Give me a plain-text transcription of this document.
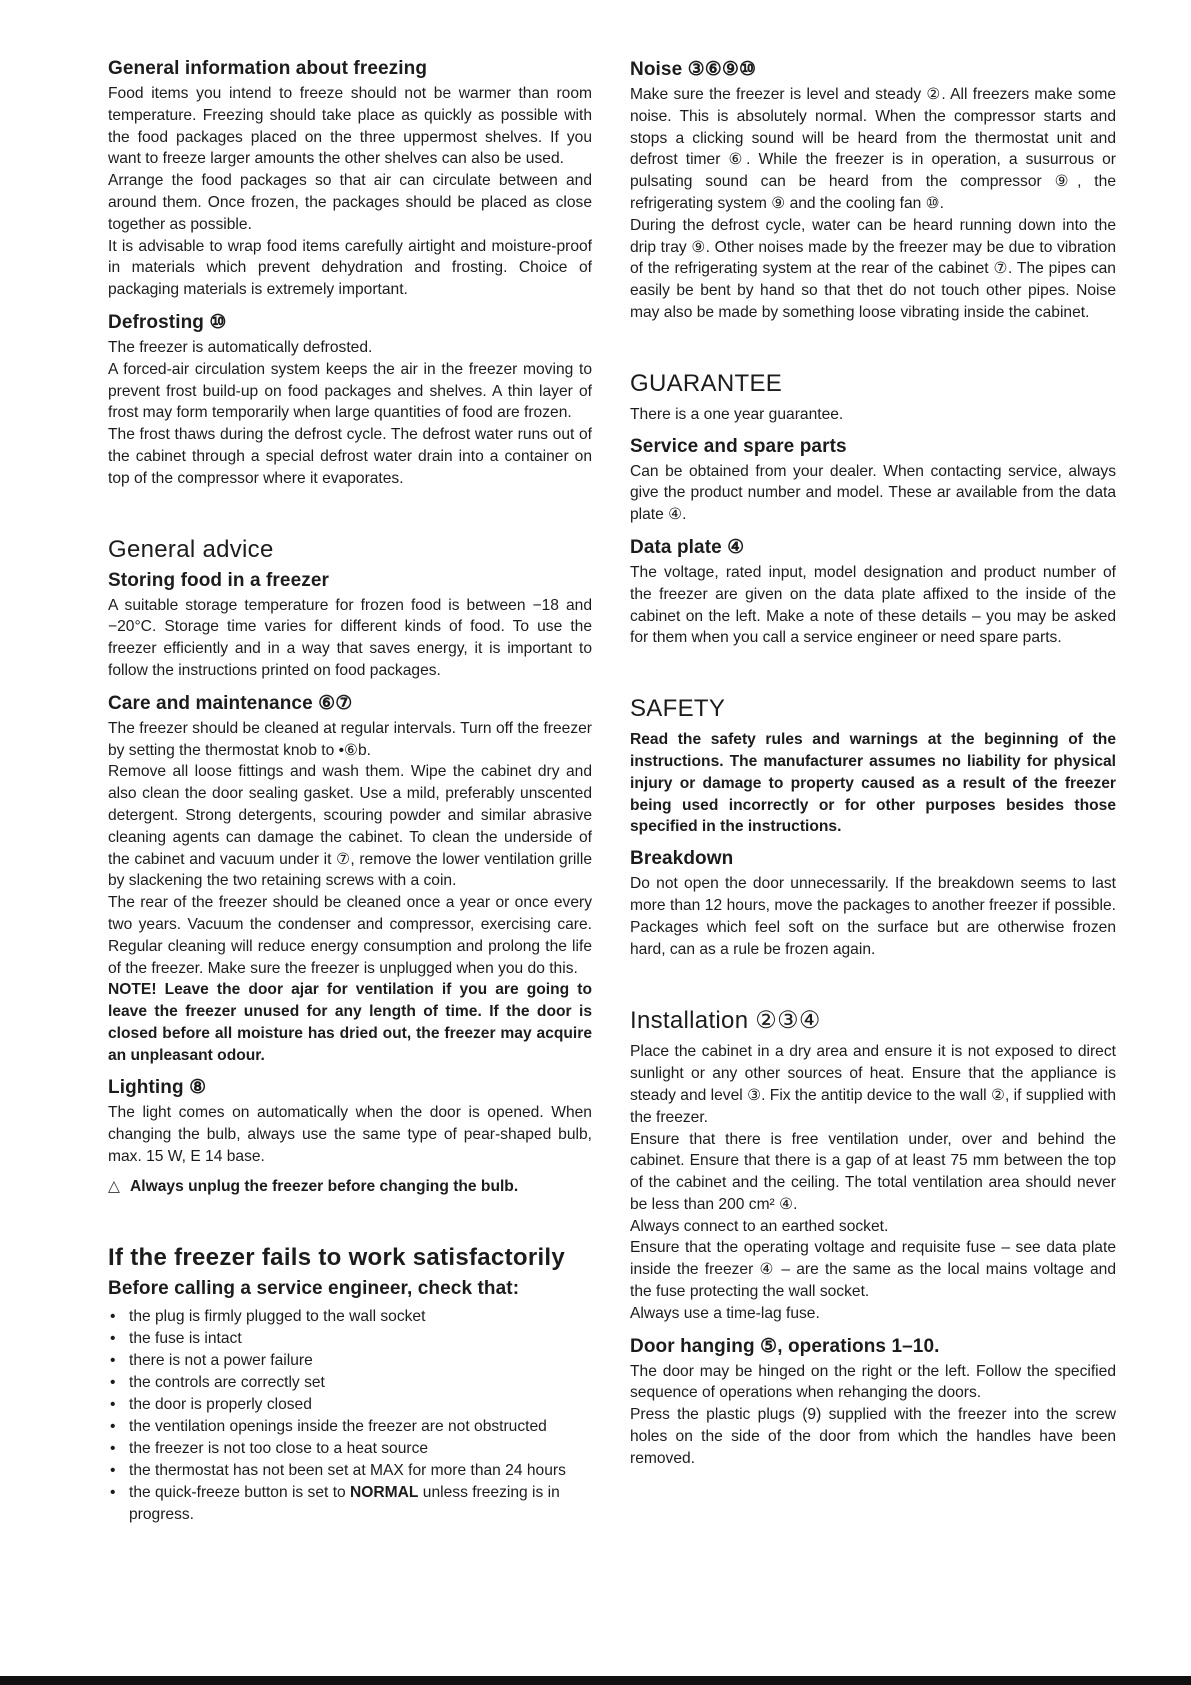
General information about freezing

Food items you intend to freeze should not be warmer than room temperature. Freezing should take place as quickly as possible with the food packages placed on the three uppermost shelves. If you want to freeze larger amounts the other shelves can also be used.

Arrange the food packages so that air can circulate between and around them. Once frozen, the packages should be placed as close together as possible.

It is advisable to wrap food items carefully airtight and moisture-proof in materials which prevent dehydration and frosting. Choice of packaging materials is extremely important.

Defrosting ⑩

The freezer is automatically defrosted.

A forced-air circulation system keeps the air in the freezer moving to prevent frost build-up on food packages and shelves. A thin layer of frost may form temporarily when large quantities of food are frozen.

The frost thaws during the defrost cycle. The defrost water runs out of the cabinet through a special defrost water drain into a container on top of the compressor where it evaporates.

General advice
Storing food in a freezer

A suitable storage temperature for frozen food is between −18 and −20°C. Storage time varies for different kinds of food. To use the freezer efficiently and in a way that saves energy, it is important to follow the instructions printed on food packages.

Care and maintenance ⑥⑦

The freezer should be cleaned at regular intervals. Turn off the freezer by setting the thermostat knob to •⑥b.

Remove all loose fittings and wash them. Wipe the cabinet dry and also clean the door sealing gasket. Use a mild, preferably unscented detergent. Strong detergents, scouring powder and similar abrasive cleaning agents can damage the cabinet. To clean the underside of the cabinet and vacuum under it ⑦, remove the lower ventilation grille by slackening the two retaining screws with a coin.

The rear of the freezer should be cleaned once a year or once every two years. Vacuum the condenser and compressor, exercising care. Regular cleaning will reduce energy consumption and prolong the life of the freezer. Make sure the freezer is unplugged when you do this.

NOTE! Leave the door ajar for ventilation if you are going to leave the freezer unused for any length of time. If the door is closed before all moisture has dried out, the freezer may acquire an unpleasant odour.

Lighting ⑧

The light comes on automatically when the door is opened. When changing the bulb, always use the same type of pear-shaped bulb, max. 15 W, E 14 base.

△ Always unplug the freezer before changing the bulb.
If the freezer fails to work satisfactorily
Before calling a service engineer, check that:
• the plug is firmly plugged to the wall socket
• the fuse is intact
• there is not a power failure
• the controls are correctly set
• the door is properly closed
• the ventilation openings inside the freezer are not obstructed
• the freezer is not too close to a heat source
• the thermostat has not been set at MAX for more than 24 hours
• the quick-freeze button is set to NORMAL unless freezing is in progress.
Noise ③⑥⑨⑩

Make sure the freezer is level and steady ②. All freezers make some noise. This is absolutely normal. When the compressor starts and stops a clicking sound will be heard from the thermostat unit and defrost timer ⑥. While the freezer is in operation, a susurrous or pulsating sound can be heard from the compressor ⑨, the refrigerating system ⑨ and the cooling fan ⑩.

During the defrost cycle, water can be heard running down into the drip tray ⑨. Other noises made by the freezer may be due to vibration of the refrigerating system at the rear of the cabinet ⑦. The pipes can easily be bent by hand so that thet do not touch other pipes. Noise may also be made by something loose vibrating inside the cabinet.

GUARANTEE

There is a one year guarantee.

Service and spare parts

Can be obtained from your dealer. When contacting service, always give the product number and model. These ar available from the data plate ④.

Data plate ④

The voltage, rated input, model designation and product number of the freezer are given on the data plate affixed to the inside of the cabinet on the left. Make a note of these details – you may be asked for them when you call a service engineer or need spare parts.

SAFETY

Read the safety rules and warnings at the beginning of the instructions. The manufacturer assumes no liability for physical injury or damage to property caused as a result of the freezer being used incorrectly or for other purposes besides those specified in the instructions.

Breakdown

Do not open the door unnecessarily. If the breakdown seems to last more than 12 hours, move the packages to another freezer if possible. Packages which feel soft on the surface but are otherwise frozen hard, can as a rule be frozen again.

Installation ②③④

Place the cabinet in a dry area and ensure it is not exposed to direct sunlight or any other sources of heat. Ensure that the appliance is steady and level ③. Fix the antitip device to the wall ②, if supplied with the freezer.

Ensure that there is free ventilation under, over and behind the cabinet. Ensure that there is a gap of at least 75 mm between the top of the cabinet and the ceiling. The total ventilation area should never be less than 200 cm² ④.

Always connect to an earthed socket.

Ensure that the operating voltage and requisite fuse – see data plate inside the freezer ④ – are the same as the local mains voltage and the fuse protecting the wall socket.

Always use a time-lag fuse.

Door hanging ⑤, operations 1–10.

The door may be hinged on the right or the left. Follow the specified sequence of operations when rehanging the doors.

Press the plastic plugs (9) supplied with the freezer into the screw holes on the side of the door from which the handles have been removed.
